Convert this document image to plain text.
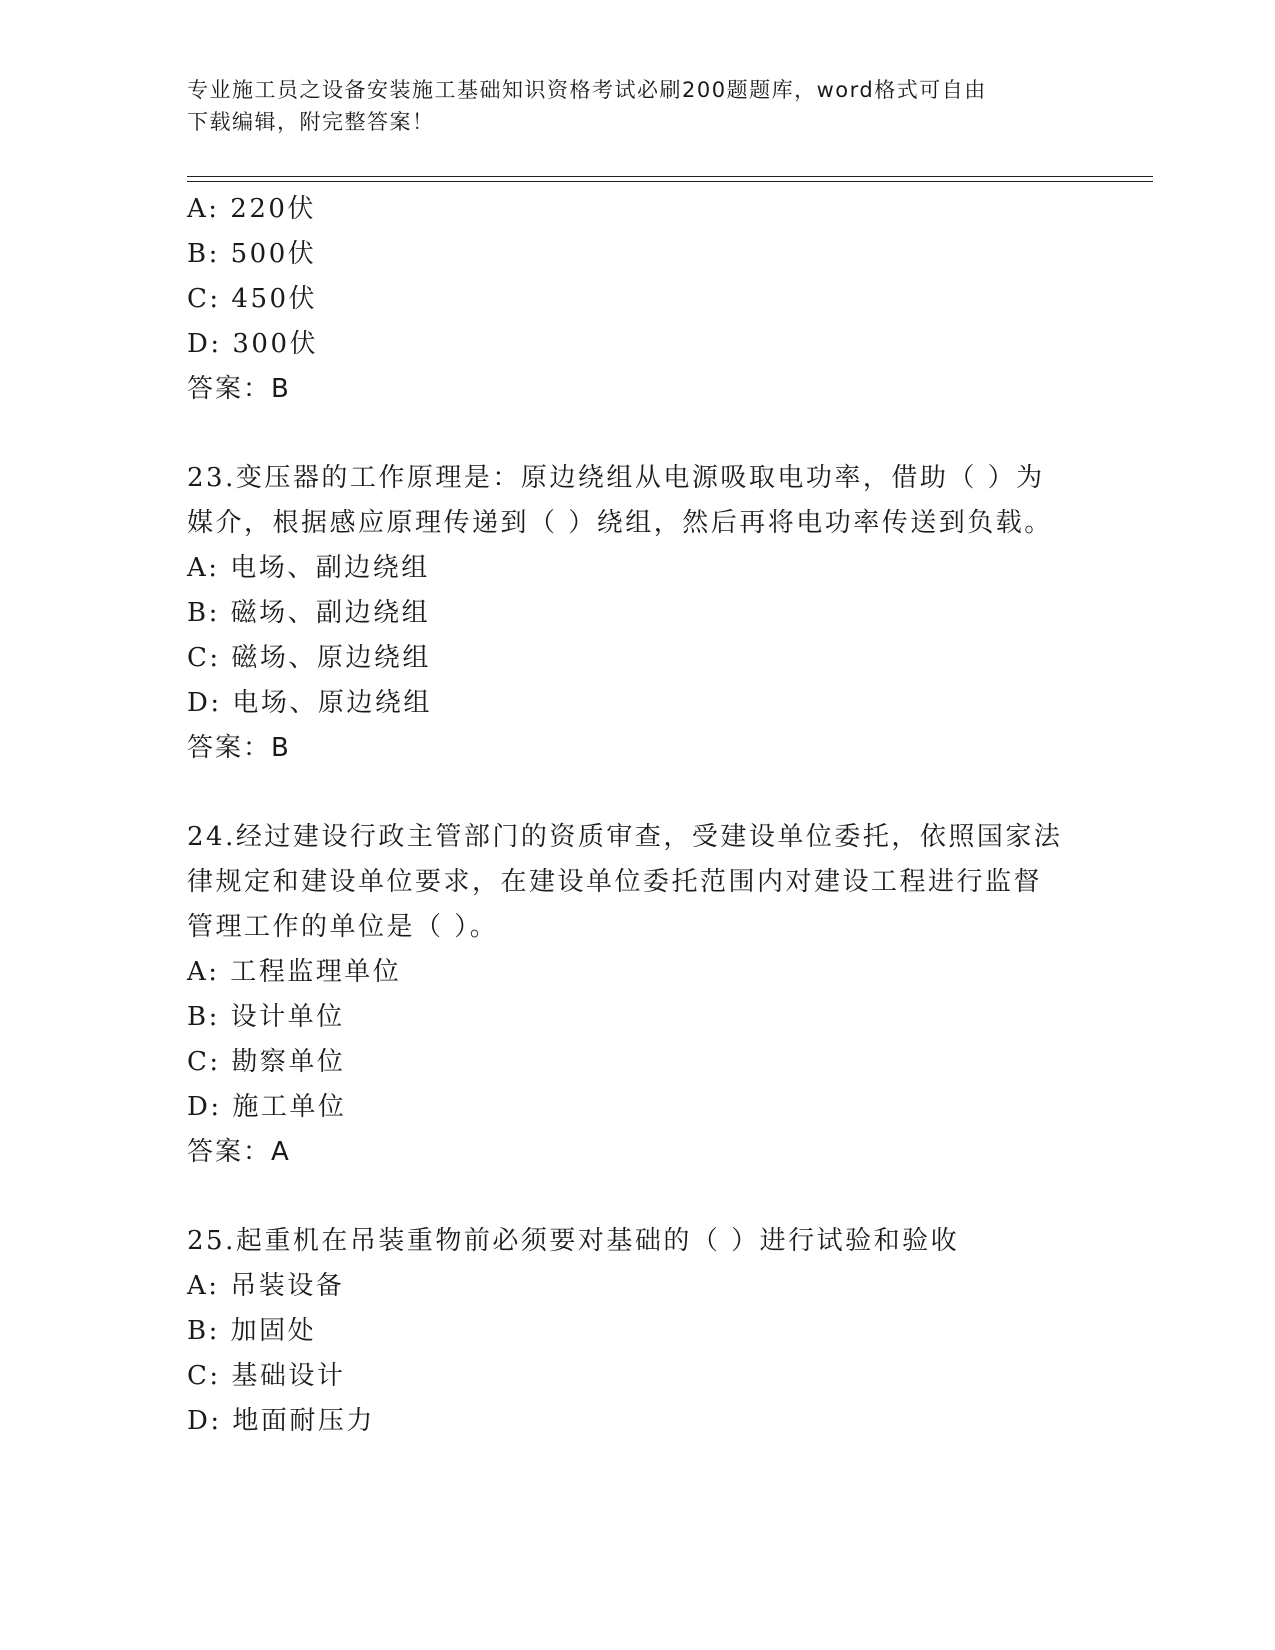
专业施工员之设备安装施工基础知识资格考试必刷200题题库，word格式可自由
下载编辑，附完整答案！
A: 220伏
B: 500伏
C: 450伏
D: 300伏
答案：B
23.变压器的工作原理是：原边绕组从电源吸取电功率，借助（ ）为
媒介，根据感应原理传递到（ ）绕组，然后再将电功率传送到负载。
A: 电场、副边绕组
B: 磁场、副边绕组
C: 磁场、原边绕组
D: 电场、原边绕组
答案：B
24.经过建设行政主管部门的资质审查，受建设单位委托，依照国家法
律规定和建设单位要求，在建设单位委托范围内对建设工程进行监督
管理工作的单位是（ ）。
A: 工程监理单位
B: 设计单位
C: 勘察单位
D: 施工单位
答案：A
25.起重机在吊装重物前必须要对基础的（ ）进行试验和验收
A: 吊装设备
B: 加固处
C: 基础设计
D: 地面耐压力
